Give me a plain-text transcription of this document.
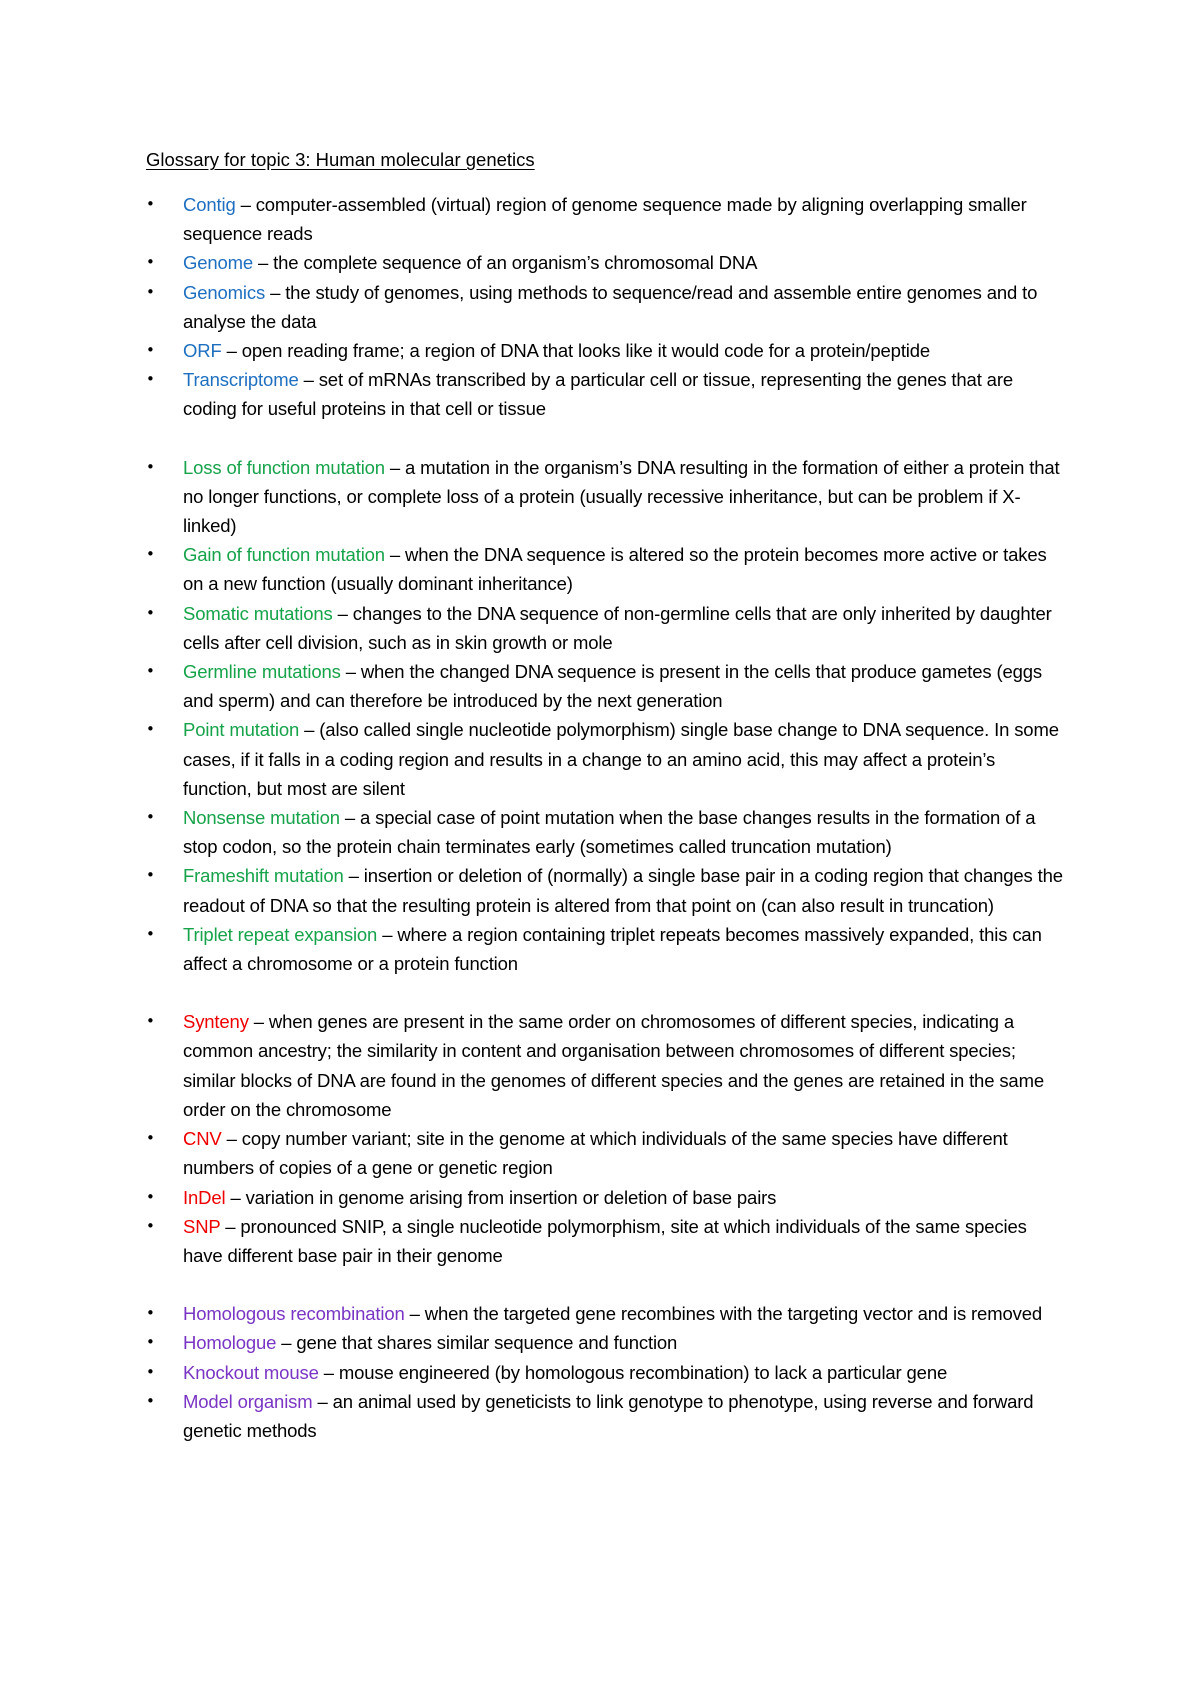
Glossary for topic 3: Human molecular genetics
•	Contig – computer-assembled (virtual) region of genome sequence made by aligning overlapping smaller sequence reads
•	Genome – the complete sequence of an organism’s chromosomal DNA
•	Genomics – the study of genomes, using methods to sequence/read and assemble entire genomes and to analyse the data
•	ORF – open reading frame; a region of DNA that looks like it would code for a protein/peptide
•	Transcriptome – set of mRNAs transcribed by a particular cell or tissue, representing the genes that are coding for useful proteins in that cell or tissue
•	Loss of function mutation – a mutation in the organism’s DNA resulting in the formation of either a protein that no longer functions, or complete loss of a protein (usually recessive inheritance, but can be problem if X-linked)
•	Gain of function mutation – when the DNA sequence is altered so the protein becomes more active or takes on a new function (usually dominant inheritance)
•	Somatic mutations – changes to the DNA sequence of non-germline cells that are only inherited by daughter cells after cell division, such as in skin growth or mole
•	Germline mutations – when the changed DNA sequence is present in the cells that produce gametes (eggs and sperm) and can therefore be introduced by the next generation
•	Point mutation – (also called single nucleotide polymorphism) single base change to DNA sequence. In some cases, if it falls in a coding region and results in a change to an amino acid, this may affect a protein’s function, but most are silent
•	Nonsense mutation – a special case of point mutation when the base changes results in the formation of a stop codon, so the protein chain terminates early (sometimes called truncation mutation)
•	Frameshift mutation – insertion or deletion of (normally) a single base pair in a coding region that changes the readout of DNA so that the resulting protein is altered from that point on (can also result in truncation)
•	Triplet repeat expansion – where a region containing triplet repeats becomes massively expanded, this can affect a chromosome or a protein function
•	Synteny – when genes are present in the same order on chromosomes of different species, indicating a common ancestry; the similarity in content and organisation between chromosomes of different species; similar blocks of DNA are found in the genomes of different species and the genes are retained in the same order on the chromosome
•	CNV – copy number variant; site in the genome at which individuals of the same species have different numbers of copies of a gene or genetic region
•	InDel – variation in genome arising from insertion or deletion of base pairs
•	SNP – pronounced SNIP, a single nucleotide polymorphism, site at which individuals of the same species have different base pair in their genome
•	Homologous recombination – when the targeted gene recombines with the targeting vector and is removed
•	Homologue – gene that shares similar sequence and function
•	Knockout mouse – mouse engineered (by homologous recombination) to lack a particular gene
•	Model organism – an animal used by geneticists to link genotype to phenotype, using reverse and forward genetic methods
